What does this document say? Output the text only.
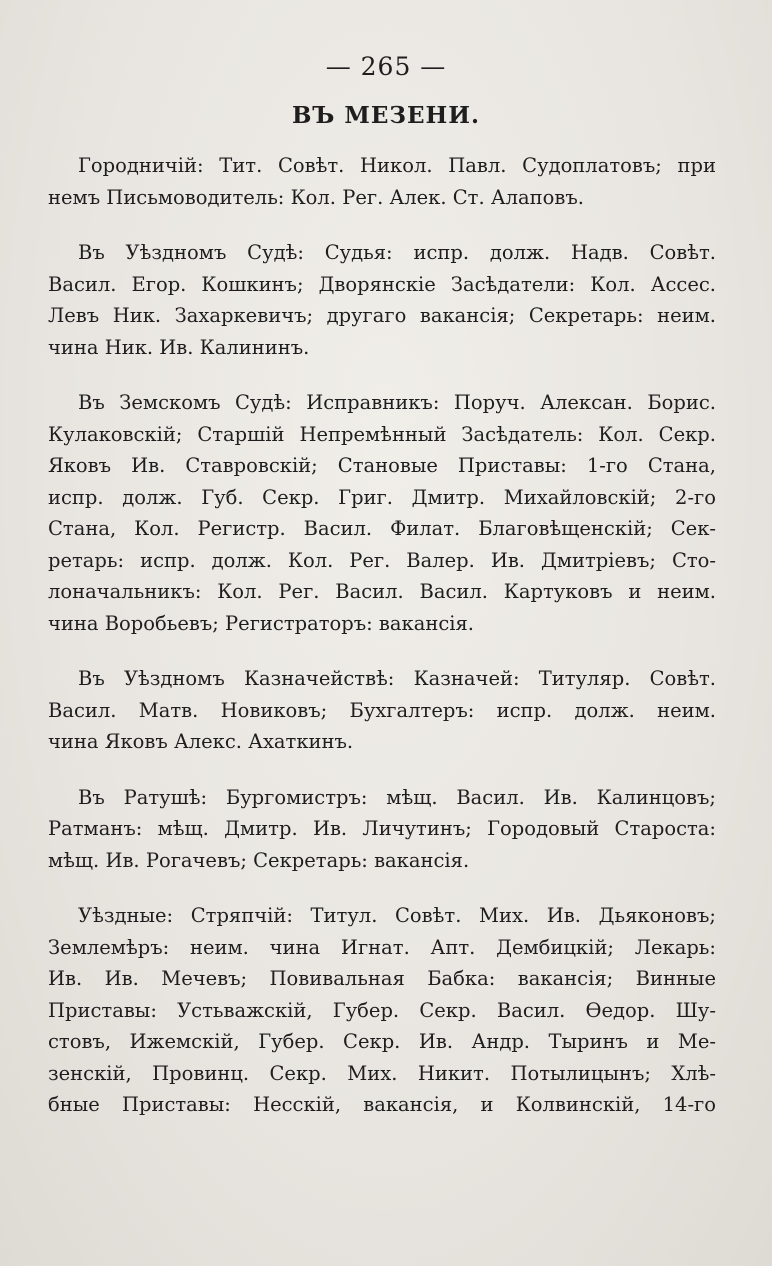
— 265 —
ВЪ МЕЗЕНИ.

Городничій: Тит. Совѣт. Никол. Павл. Судоплатовъ; при
немъ Письмоводитель: Кол. Рег. Алек. Ст. Алаповъ.

Въ Уѣздномъ Судѣ: Судья: испр. долж. Надв. Совѣт.
Васил. Егор. Кошкинъ; Дворянскіе Засѣдатели: Кол. Ассес.
Левъ Ник. Захаркевичъ; другаго вакансія; Секретарь: неим.
чина Ник. Ив. Калининъ.

Въ Земскомъ Судѣ: Исправникъ: Поруч. Алексан. Борис.
Кулаковскій; Старшій Непремѣнный Засѣдатель: Кол. Секр.
Яковъ Ив. Ставровскій; Становые Приставы: 1-го Стана,
испр. долж. Губ. Секр. Григ. Дмитр. Михайловскій; 2-го
Стана, Кол. Регистр. Васил. Филат. Благовѣщенскій; Сек-
ретарь: испр. долж. Кол. Рег. Валер. Ив. Дмитріевъ; Сто-
лоначальникъ: Кол. Рег. Васил. Васил. Картуковъ и неим.
чина Воробьевъ; Регистраторъ: вакансія.

Въ Уѣздномъ Казначействѣ: Казначей: Титуляр. Совѣт.
Васил. Матв. Новиковъ; Бухгалтеръ: испр. долж. неим.
чина Яковъ Алекс. Ахаткинъ.

Въ Ратушѣ: Бургомистръ: мѣщ. Васил. Ив. Калинцовъ;
Ратманъ: мѣщ. Дмитр. Ив. Личутинъ; Городовый Староста:
мѣщ. Ив. Рогачевъ; Секретарь: вакансія.

Уѣздные: Стряпчій: Титул. Совѣт. Мих. Ив. Дьяконовъ;
Землемѣръ: неим. чина Игнат. Апт. Дембицкій; Лекарь:
Ив. Ив. Мечевъ; Повивальная Бабка: вакансія; Винные
Приставы: Устьважскій, Губер. Секр. Васил. Ѳедор. Шу-
стовъ, Ижемскій, Губер. Секр. Ив. Андр. Тыринъ и Ме-
зенскій, Провинц. Секр. Мих. Никит. Потылицынъ; Хлѣ-
бные Приставы: Несскій, вакансія, и Колвинскій, 14-го
